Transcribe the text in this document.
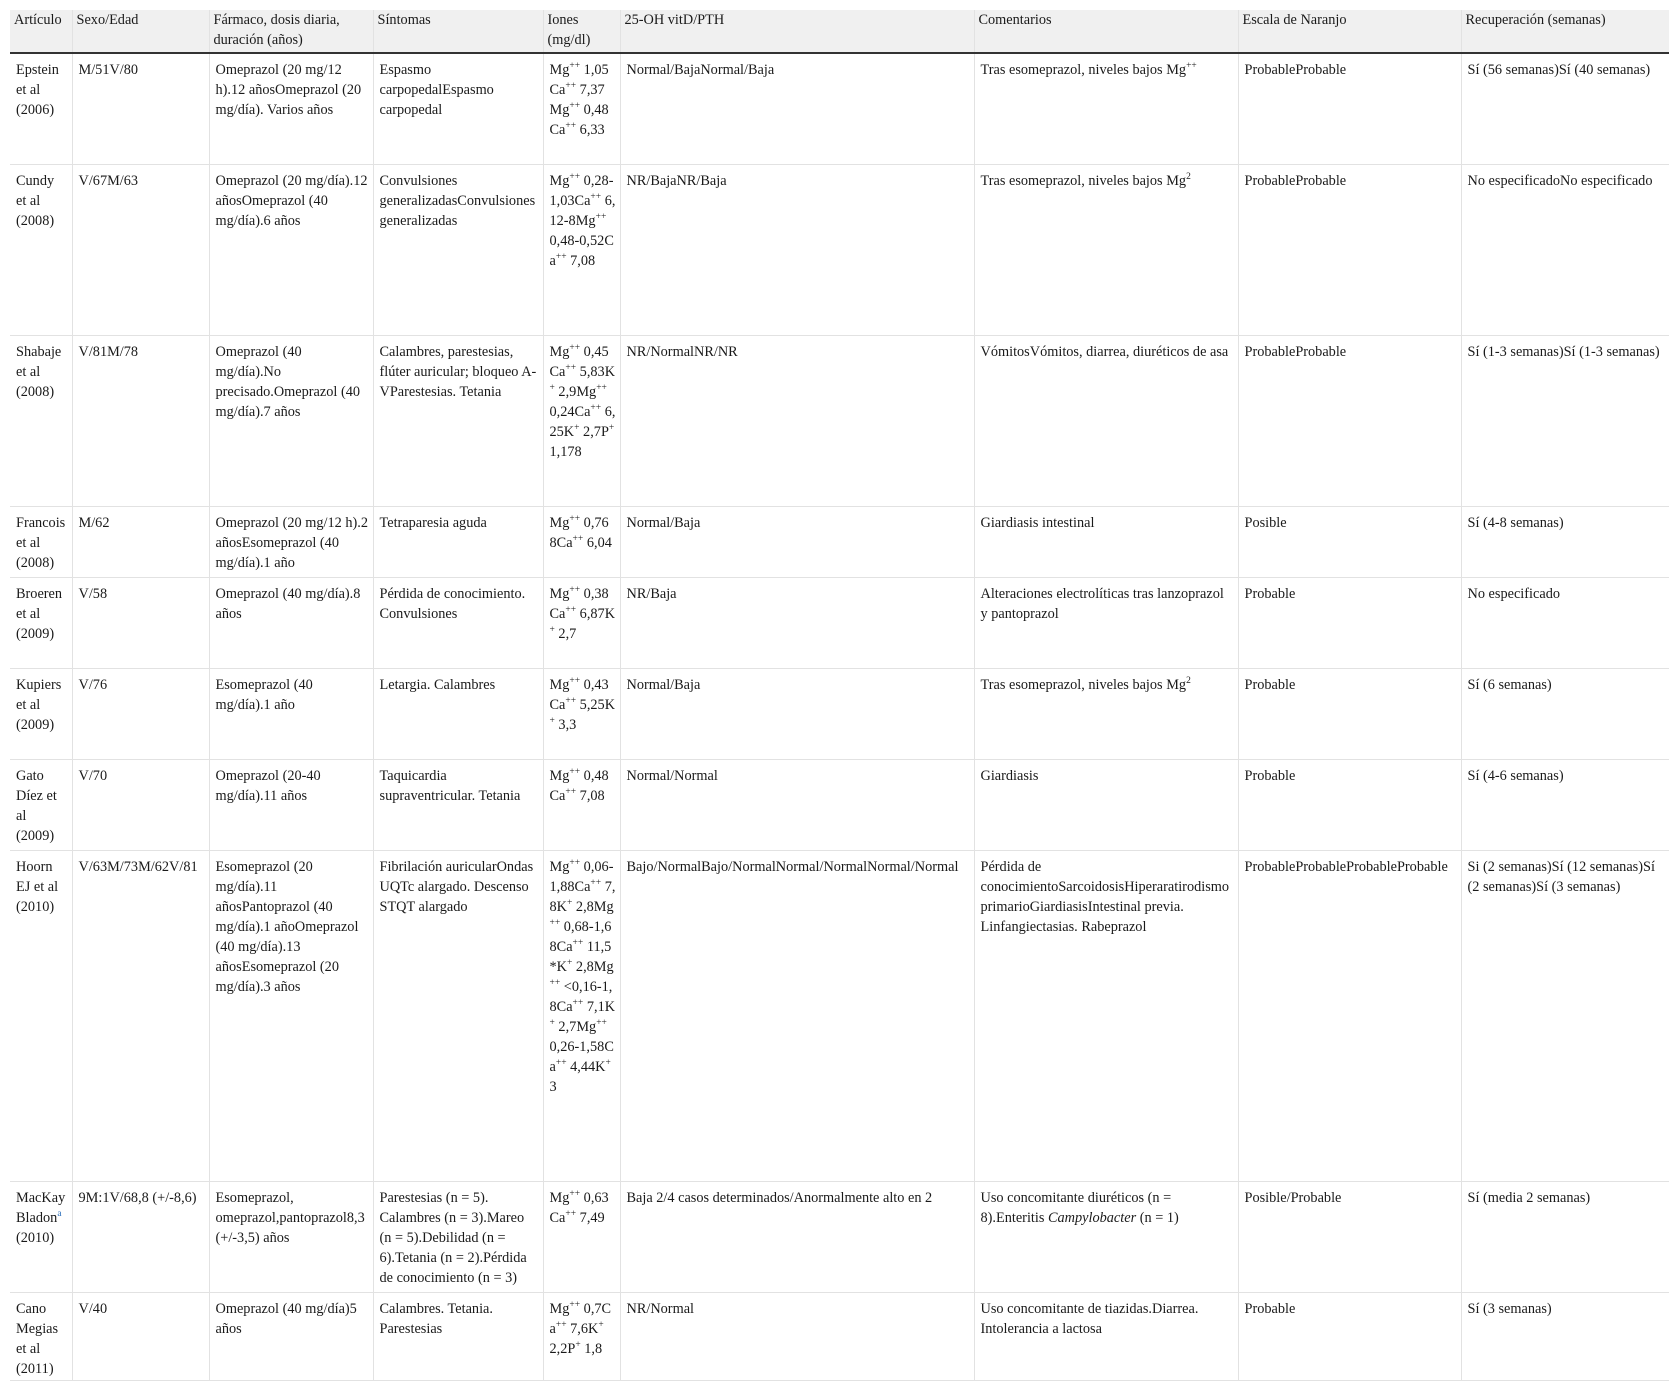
Artículo	Sexo/Edad	Fármaco, dosis diaria, duración (años)	Síntomas	Iones (mg/dl)	25-OH vitD/PTH	Comentarios	Escala de Naranjo	Recuperación (semanas)
Epstein et al (2006)	M/51V/80	Omeprazol (20 mg/12 h).12 añosOmeprazol (20 mg/día). Varios años	Espasmo carpopedalEspasmo carpopedal	Mg++ 1,05Ca++ 7,37Mg++ 0,48Ca++ 6,33	Normal/BajaNormal/Baja	Tras esomeprazol, niveles bajos Mg++	ProbableProbable	Sí (56 semanas)Sí (40 semanas)
Cundy et al (2008)	V/67M/63	Omeprazol (20 mg/día).12 añosOmeprazol (40 mg/día).6 años	Convulsiones generalizadasConvulsiones generalizadas	Mg++ 0,28-1,03Ca++ 6,12-8Mg++ 0,48-0,52Ca++ 7,08	NR/BajaNR/Baja	Tras esomeprazol, niveles bajos Mg$^2$	ProbableProbable	No especificadoNo especificado
Shabaje et al (2008)	V/81M/78	Omeprazol (40 mg/día).No precisado.Omeprazol (40 mg/día).7 años	Calambres, parestesias, flúter auricular; bloqueo A-VParestesias. Tetania	Mg++ 0,45Ca++ 5,83K+ 2,9Mg++ 0,24Ca++ 6,25K+ 2,7P+ 1,178	NR/NormalNR/NR	VómitosVómitos, diarrea, diuréticos de asa	ProbableProbable	Sí (1-3 semanas)Sí (1-3 semanas)
Francois et al (2008)	M/62	Omeprazol (20 mg/12 h).2 añosEsomeprazol (40 mg/día).1 año	Tetraparesia aguda	Mg++ 0,768Ca++ 6,04	Normal/Baja	Giardiasis intestinal	Posible	Sí (4-8 semanas)
Broeren et al (2009)	V/58	Omeprazol (40 mg/día).8 años	Pérdida de conocimiento. Convulsiones	Mg++ 0,38Ca++ 6,87K+ 2,7	NR/Baja	Alteraciones electrolíticas tras lanzoprazol y pantoprazol	Probable	No especificado
Kupiers et al (2009)	V/76	Esomeprazol (40 mg/día).1 año	Letargia. Calambres	Mg++ 0,43Ca++ 5,25K+ 3,3	Normal/Baja	Tras esomeprazol, niveles bajos Mg$^2$	Probable	Sí (6 semanas)
Gato Díez et al (2009)	V/70	Omeprazol (20-40 mg/día).11 años	Taquicardia supraventricular. Tetania	Mg++ 0,48Ca++ 7,08	Normal/Normal	Giardiasis	Probable	Sí (4-6 semanas)
Hoorn EJ et al (2010)	V/63M/73M/62V/81	Esomeprazol (20 mg/día).11 añosPantoprazol (40 mg/día).1 añoOmeprazol (40 mg/día).13 añosEsomeprazol (20 mg/día).3 años	Fibrilación auricularOndas UQTc alargado. Descenso STQT alargado	Mg++ 0,06-1,88Ca++ 7,8K+ 2,8Mg++ 0,68-1,68Ca++ 11,5 *K+ 2,8Mg++ <0,16-1,8Ca++ 7,1K+ 2,7Mg++ 0,26-1,58Ca++ 4,44K+ 3	Bajo/NormalBajo/NormalNormal/NormalNormal/Normal	Pérdida de conocimientoSarcoidosisHiperaratirodismo primarioGiardiasisIntestinal previa. Linfangiectasias. Rabeprazol	ProbableProbableProbableProbable	Si (2 semanas)Sí (12 semanas)Sí (2 semanas)Sí (3 semanas)
MacKay Bladon$^a$ (2010)	9M:1V/68,8 (+/-8,6)	Esomeprazol, omeprazol,pantoprazol8,3 (+/-3,5) años	Parestesias (n = 5). Calambres (n = 3).Mareo (n = 5).Debilidad (n = 6).Tetania (n = 2).Pérdida de conocimiento (n = 3)	Mg++ 0,63Ca++ 7,49	Baja 2/4 casos determinados/Anormalmente alto en 2	Uso concomitante diuréticos (n = 8).Enteritis Campylobacter (n = 1)	Posible/Probable	Sí (media 2 semanas)
Cano Megias et al (2011)	V/40	Omeprazol (40 mg/día)5 años	Calambres. Tetania. Parestesias	Mg++ 0,7Ca++ 7,6K+ 2,2P+ 1,8	NR/Normal	Uso concomitante de tiazidas.Diarrea. Intolerancia a lactosa	Probable	Sí (3 semanas)
